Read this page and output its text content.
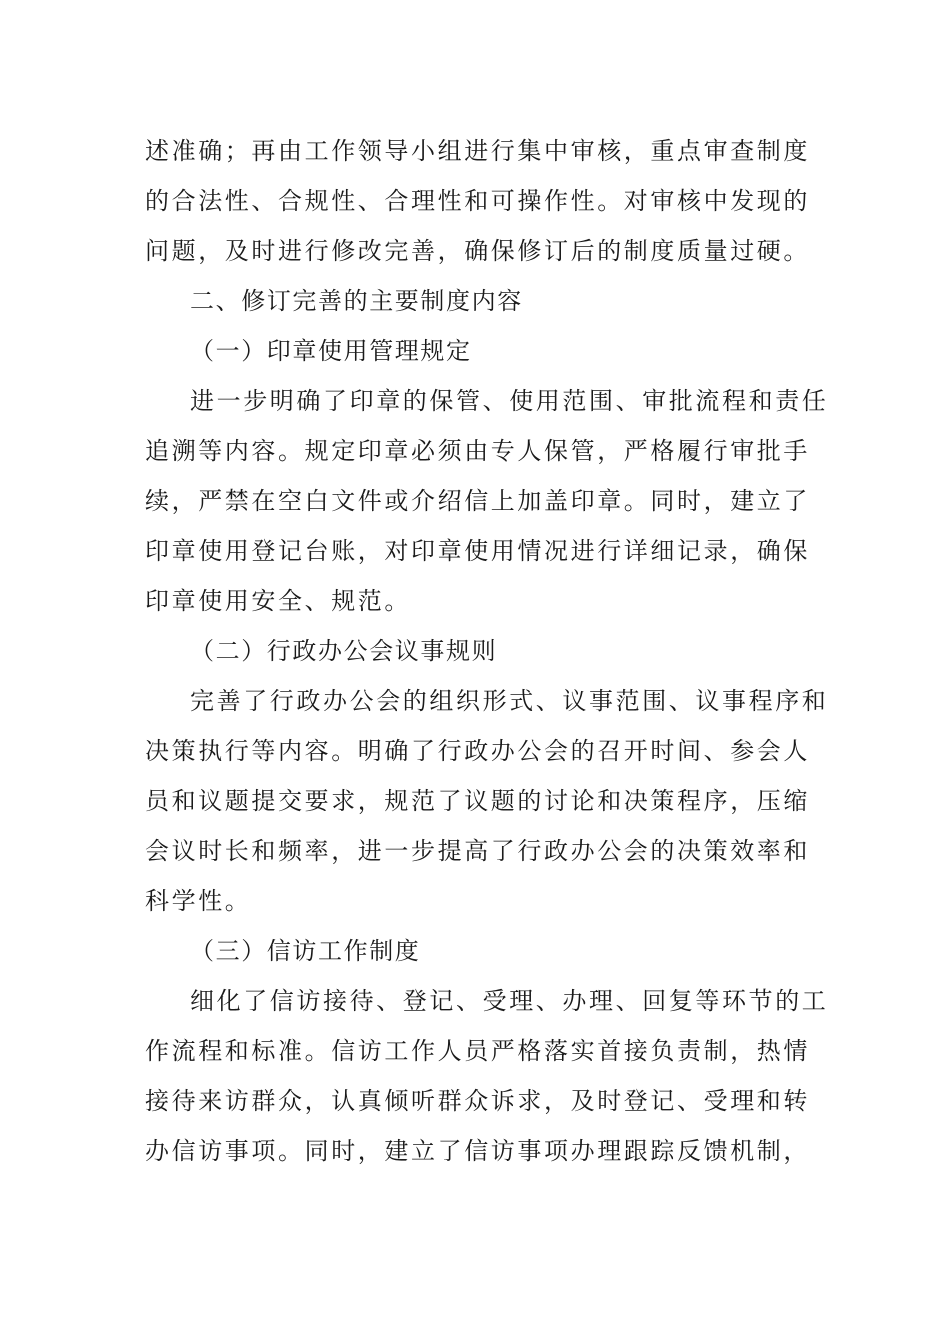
述准确；再由工作领导小组进行集中审核，重点审查制度
的合法性、合规性、合理性和可操作性。对审核中发现的
问题，及时进行修改完善，确保修订后的制度质量过硬。
二、修订完善的主要制度内容
（一）印章使用管理规定
进一步明确了印章的保管、使用范围、审批流程和责任
追溯等内容。规定印章必须由专人保管，严格履行审批手
续，严禁在空白文件或介绍信上加盖印章。同时，建立了
印章使用登记台账，对印章使用情况进行详细记录，确保
印章使用安全、规范。
（二）行政办公会议事规则
完善了行政办公会的组织形式、议事范围、议事程序和
决策执行等内容。明确了行政办公会的召开时间、参会人
员和议题提交要求，规范了议题的讨论和决策程序，压缩
会议时长和频率，进一步提高了行政办公会的决策效率和
科学性。
（三）信访工作制度
细化了信访接待、登记、受理、办理、回复等环节的工
作流程和标准。信访工作人员严格落实首接负责制，热情
接待来访群众，认真倾听群众诉求，及时登记、受理和转
办信访事项。同时，建立了信访事项办理跟踪反馈机制，
